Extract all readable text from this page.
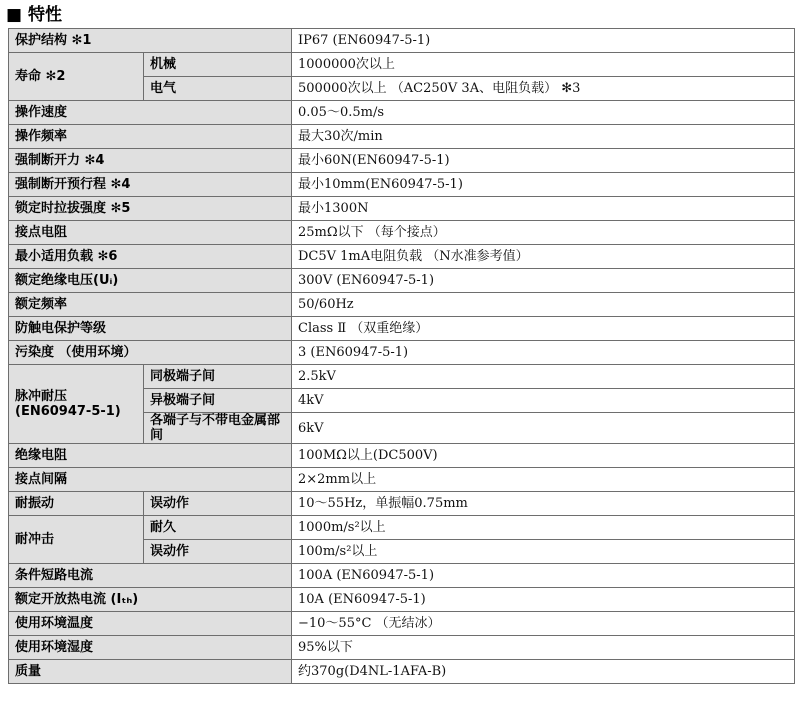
■ 特性
保护结构 ✻1		IP67 (EN60947-5-1)
寿命 ✻2	机械	1000000次以上
	电气	500000次以上 （AC250V 3A、电阻负载） ✻3
操作速度		0.05～0.5m/s
操作频率		最大30次/min
强制断开力 ✻4		最小60N(EN60947-5-1)
强制断开预行程 ✻4		最小10mm(EN60947-5-1)
锁定时拉拔强度 ✻5		最小1300N
接点电阻		25mΩ以下 （每个接点）
最小适用负载 ✻6		DC5V 1mA电阻负载 （N水准参考值）
额定绝缘电压(Uᵢ)		300V (EN60947-5-1)
额定频率		50/60Hz
防触电保护等级		Class Ⅱ （双重绝缘）
污染度 （使用环境）		3 (EN60947-5-1)
脉冲耐压 (EN60947-5-1)	同极端子间	2.5kV
	异极端子间	4kV
	各端子与不带电金属部间	6kV
绝缘电阻		100MΩ以上(DC500V)
接点间隔		2×2mm以上
耐振动	误动作	10～55Hz，单振幅0.75mm
耐冲击	耐久	1000m/s²以上
	误动作	100m/s²以上
条件短路电流		100A (EN60947-5-1)
额定开放热电流 (Iₜₕ)		10A (EN60947-5-1)
使用环境温度		−10～55°C （无结冰）
使用环境湿度		95%以下
质量		约370g(D4NL-1AFA-B)
